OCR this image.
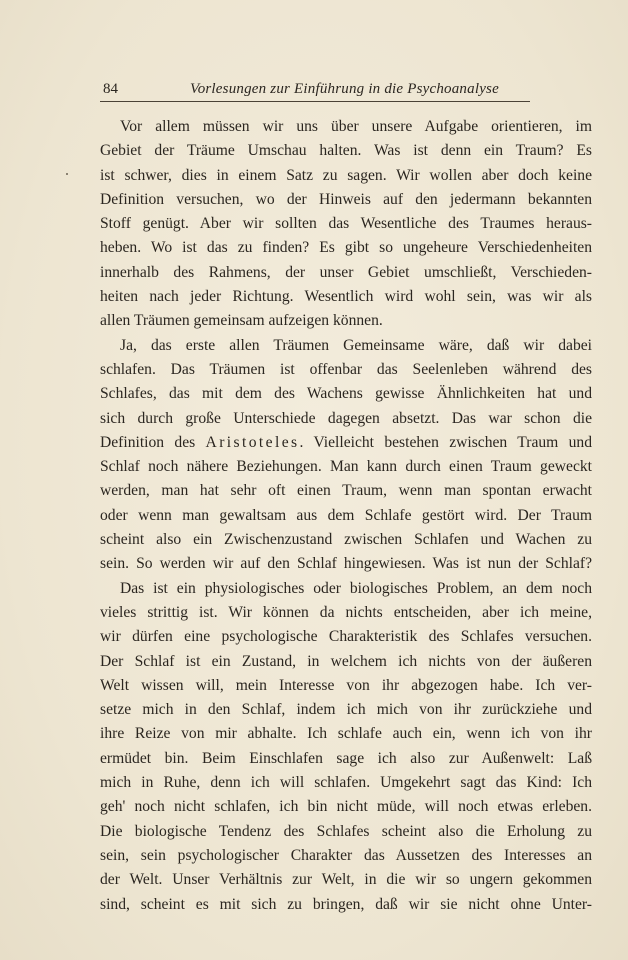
84	Vorlesungen zur Einführung in die Psychoanalyse
Vor allem müssen wir uns über unsere Aufgabe orientieren, im
Gebiet der Träume Umschau halten. Was ist denn ein Traum? Es
ist schwer, dies in einem Satz zu sagen. Wir wollen aber doch keine
Definition versuchen, wo der Hinweis auf den jedermann bekannten
Stoff genügt. Aber wir sollten das Wesentliche des Traumes heraus-
heben. Wo ist das zu finden? Es gibt so ungeheure Verschiedenheiten
innerhalb des Rahmens, der unser Gebiet umschließt, Verschieden-
heiten nach jeder Richtung. Wesentlich wird wohl sein, was wir als
allen Träumen gemeinsam aufzeigen können.
Ja, das erste allen Träumen Gemeinsame wäre, daß wir dabei
schlafen. Das Träumen ist offenbar das Seelenleben während des
Schlafes, das mit dem des Wachens gewisse Ähnlichkeiten hat und
sich durch große Unterschiede dagegen absetzt. Das war schon die
Definition des Aristoteles. Vielleicht bestehen zwischen Traum und
Schlaf noch nähere Beziehungen. Man kann durch einen Traum geweckt
werden, man hat sehr oft einen Traum, wenn man spontan erwacht
oder wenn man gewaltsam aus dem Schlafe gestört wird. Der Traum
scheint also ein Zwischenzustand zwischen Schlafen und Wachen zu
sein. So werden wir auf den Schlaf hingewiesen. Was ist nun der Schlaf?
Das ist ein physiologisches oder biologisches Problem, an dem noch
vieles strittig ist. Wir können da nichts entscheiden, aber ich meine,
wir dürfen eine psychologische Charakteristik des Schlafes versuchen.
Der Schlaf ist ein Zustand, in welchem ich nichts von der äußeren
Welt wissen will, mein Interesse von ihr abgezogen habe. Ich ver-
setze mich in den Schlaf, indem ich mich von ihr zurückziehe und
ihre Reize von mir abhalte. Ich schlafe auch ein, wenn ich von ihr
ermüdet bin. Beim Einschlafen sage ich also zur Außenwelt: Laß
mich in Ruhe, denn ich will schlafen. Umgekehrt sagt das Kind: Ich
geh' noch nicht schlafen, ich bin nicht müde, will noch etwas erleben.
Die biologische Tendenz des Schlafes scheint also die Erholung zu
sein, sein psychologischer Charakter das Aussetzen des Interesses an
der Welt. Unser Verhältnis zur Welt, in die wir so ungern gekommen
sind, scheint es mit sich zu bringen, daß wir sie nicht ohne Unter-
